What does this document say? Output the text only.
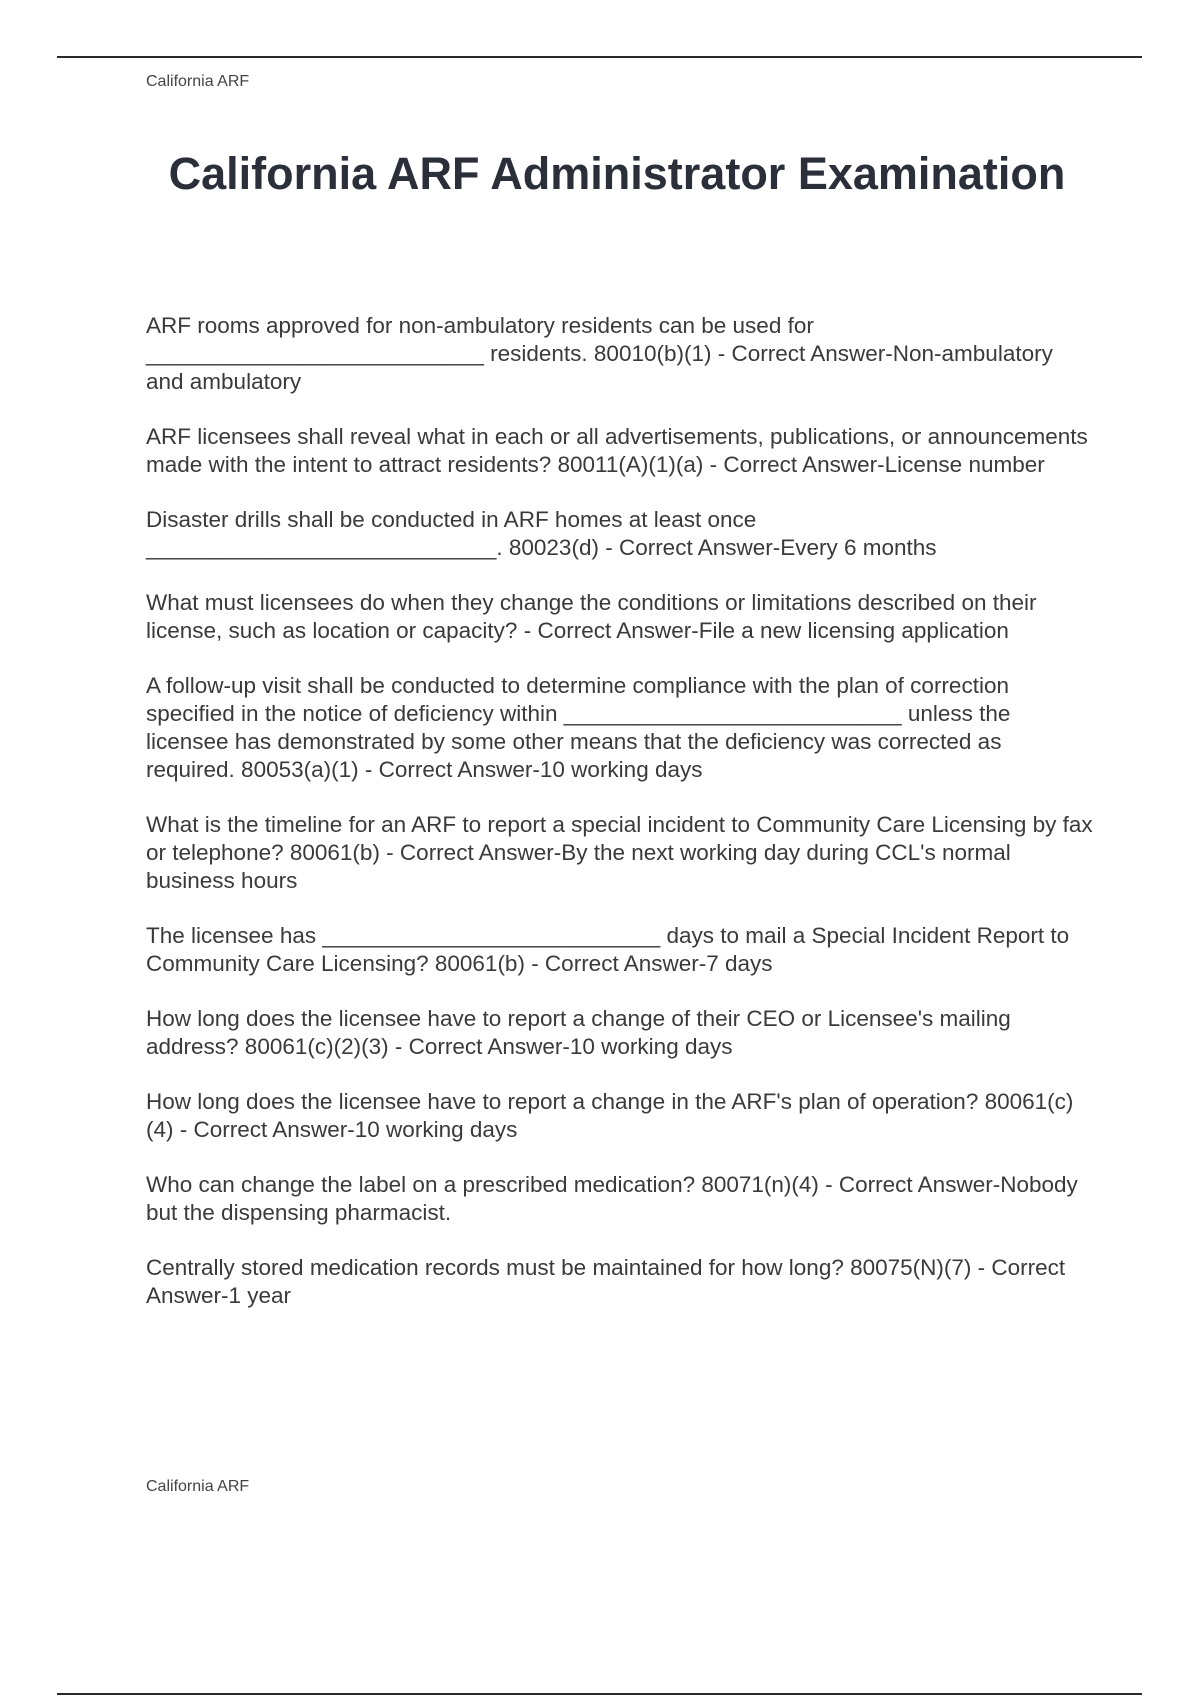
California ARF
California ARF Administrator Examination

ARF rooms approved for non-ambulatory residents can be used for ___________________________ residents. 80010(b)(1) - Correct Answer-Non-ambulatory and ambulatory

ARF licensees shall reveal what in each or all advertisements, publications, or announcements made with the intent to attract residents? 80011(A)(1)(a) - Correct Answer-License number

Disaster drills shall be conducted in ARF homes at least once ____________________________. 80023(d) - Correct Answer-Every 6 months

What must licensees do when they change the conditions or limitations described on their license, such as location or capacity? - Correct Answer-File a new licensing application

A follow-up visit shall be conducted to determine compliance with the plan of correction specified in the notice of deficiency within ___________________________ unless the licensee has demonstrated by some other means that the deficiency was corrected as required. 80053(a)(1) - Correct Answer-10 working days

What is the timeline for an ARF to report a special incident to Community Care Licensing by fax or telephone? 80061(b) - Correct Answer-By the next working day during CCL's normal business hours

The licensee has ___________________________ days to mail a Special Incident Report to Community Care Licensing? 80061(b) - Correct Answer-7 days

How long does the licensee have to report a change of their CEO or Licensee's mailing address? 80061(c)(2)(3) - Correct Answer-10 working days

How long does the licensee have to report a change in the ARF's plan of operation? 80061(c)(4) - Correct Answer-10 working days

Who can change the label on a prescribed medication? 80071(n)(4) - Correct Answer-Nobody but the dispensing pharmacist.

Centrally stored medication records must be maintained for how long? 80075(N)(7) - Correct Answer-1 year

California ARF
